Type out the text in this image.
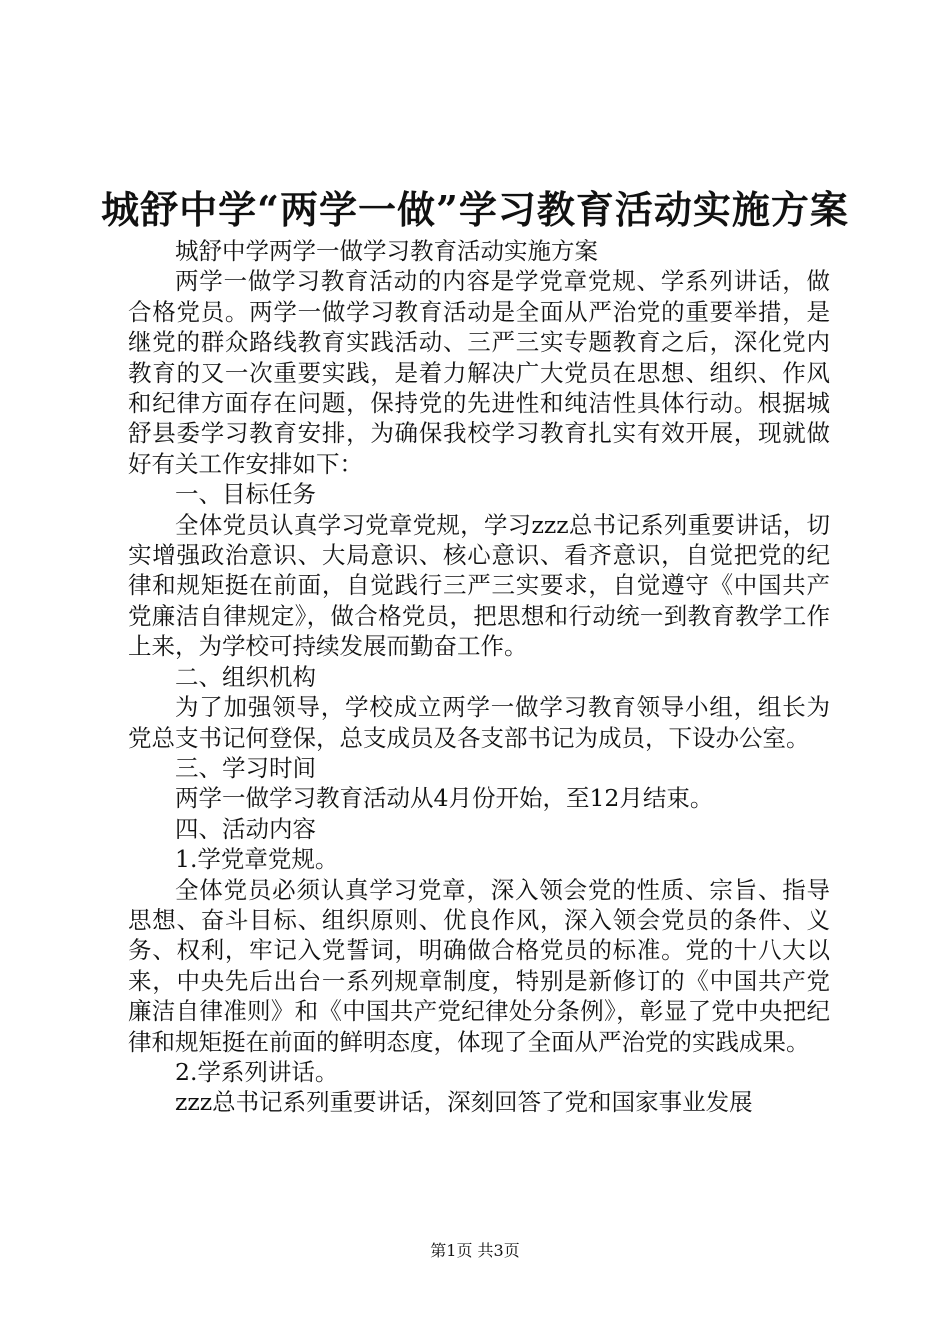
城舒中学“两学一做”学习教育活动实施方案

城舒中学两学一做学习教育活动实施方案

两学一做学习教育活动的内容是学党章党规、学系列讲话，做合格党员。两学一做学习教育活动是全面从严治党的重要举措，是继党的群众路线教育实践活动、三严三实专题教育之后，深化党内教育的又一次重要实践，是着力解决广大党员在思想、组织、作风和纪律方面存在问题，保持党的先进性和纯洁性具体行动。根据城舒县委学习教育安排，为确保我校学习教育扎实有效开展，现就做好有关工作安排如下：

一、目标任务

全体党员认真学习党章党规，学习zzz总书记系列重要讲话，切实增强政治意识、大局意识、核心意识、看齐意识，自觉把党的纪律和规矩挺在前面，自觉践行三严三实要求，自觉遵守《中国共产党廉洁自律规定》，做合格党员，把思想和行动统一到教育教学工作上来，为学校可持续发展而勤奋工作。

二、组织机构

为了加强领导，学校成立两学一做学习教育领导小组，组长为党总支书记何登保，总支成员及各支部书记为成员，下设办公室。

三、学习时间

两学一做学习教育活动从4月份开始，至12月结束。

四、活动内容

1.学党章党规。

全体党员必须认真学习党章，深入领会党的性质、宗旨、指导思想、奋斗目标、组织原则、优良作风，深入领会党员的条件、义务、权利，牢记入党誓词，明确做合格党员的标准。党的十八大以来，中央先后出台一系列规章制度，特别是新修订的《中国共产党廉洁自律准则》和《中国共产党纪律处分条例》，彰显了党中央把纪律和规矩挺在前面的鲜明态度，体现了全面从严治党的实践成果。

2.学系列讲话。

zzz总书记系列重要讲话，深刻回答了党和国家事业发展

第1页 共3页
